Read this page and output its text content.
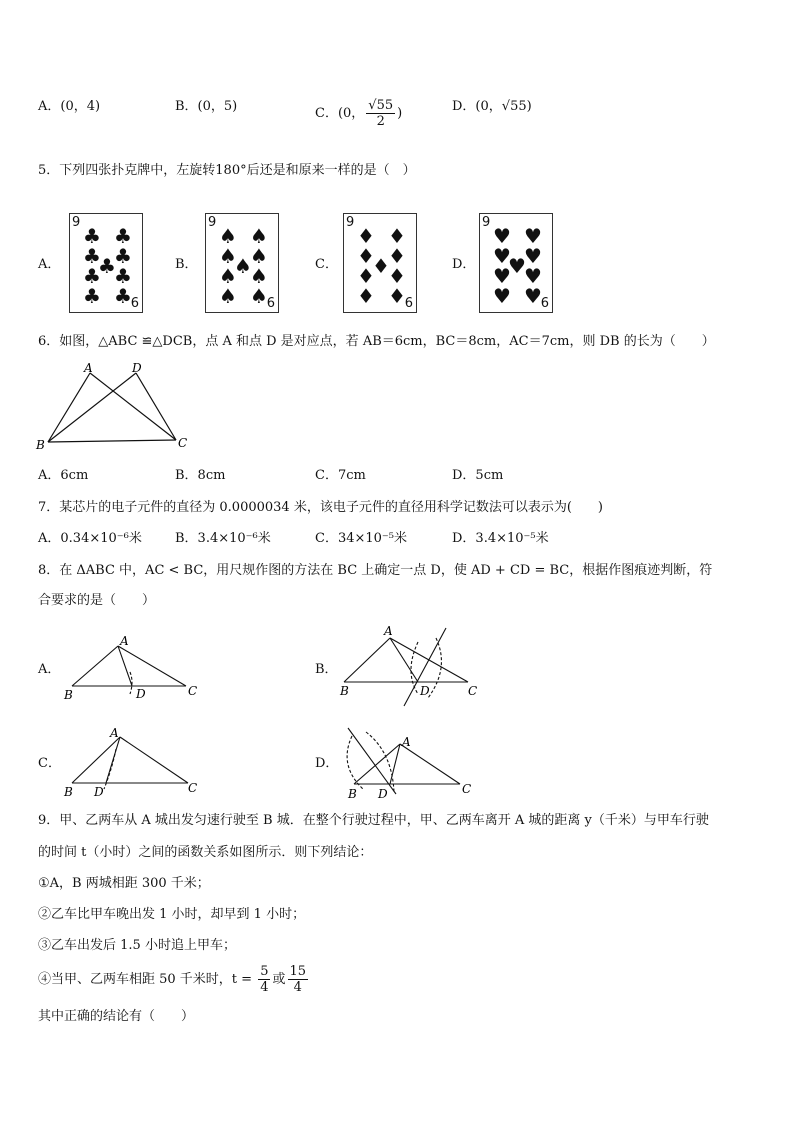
A．(0，4)	B．(0，5)	C．(0， $\frac{√55}{2}$ )	D．(0，√55)
5．下列四张扑克牌中，左旋转180°后还是和原来一样的是（　）
A．	B．	C．	D．
9
6
♣ ♣
♣ ♣
♣
♣ ♣
♣ ♣
9
6
♠ ♠
♠ ♠
♠
♠ ♠
♠ ♠
9
6
♦ ♦
♦ ♦
♦
♦ ♦
♦ ♦
9
6
♥ ♥
♥ ♥
♥
♥ ♥
♥ ♥
6．如图，△ABC ≌△DCB，点 A 和点 D 是对应点，若 AB＝6cm，BC＝8cm，AC＝7cm，则 DB 的长为（　　）
A	D
B	C
A．6cm	B．8cm	C．7cm	D．5cm
7．某芯片的电子元件的直径为 0.0000034 米，该电子元件的直径用科学记数法可以表示为(　　)
A．0.34×10⁻⁶米	B．3.4×10⁻⁶米	C．34×10⁻⁵米	D．3.4×10⁻⁵米
8．在 ΔABC 中，AC < BC，用尺规作图的方法在 BC 上确定一点 D，使 AD + CD = BC，根据作图痕迹判断，符
合要求的是（　　）
A．	B．
C．	D．
A
B	D	C
A
B	D	C
A
B D	C
A
B D	C
9．甲、乙两车从 A 城出发匀速行驶至 B 城．在整个行驶过程中，甲、乙两车离开 A 城的距离 y（千米）与甲车行驶
的时间 t（小时）之间的函数关系如图所示．则下列结论：
①A，B 两城相距 300 千米；
②乙车比甲车晚出发 1 小时，却早到 1 小时；
③乙车出发后 1.5 小时追上甲车；
④当甲、乙两车相距 50 千米时，$t = \frac{5}{4}$ 或 $\frac{15}{4}$
其中正确的结论有（　　）
